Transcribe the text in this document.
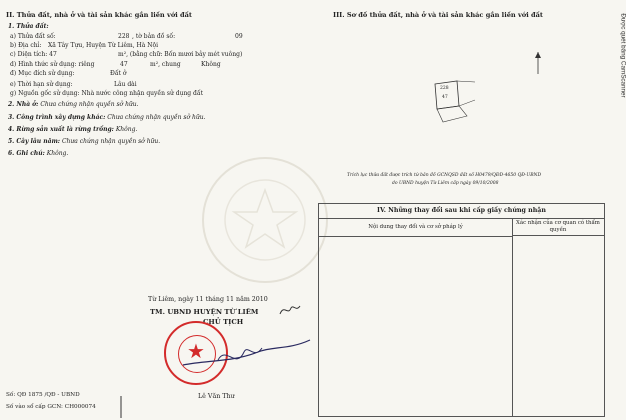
II. Thửa đất, nhà ở và tài sản khác gắn liền với đất
1. Thửa đất:
a) Thửa đất số:	228 , tờ bản đồ số:	09
b) Địa chỉ: Xã Tây Tựu, Huyện Từ Liêm, Hà Nội
c) Diện tích: 47	m², (bằng chữ: Bốn mươi bảy mét vuông)
d) Hình thức sử dụng: riêng	47	m², chung	Không
đ) Mục đích sử dụng:	Đất ở
e) Thời hạn sử dụng:	Lâu dài
g) Nguồn gốc sử dụng: Nhà nước công nhận quyền sử dụng đất
2. Nhà ở: Chưa chứng nhận quyền sở hữu.
3. Công trình xây dựng khác: Chưa chứng nhận quyền sở hữu.
4. Rừng sản xuất là rừng trồng: Không.
5. Cây lâu năm: Chưa chứng nhận quyền sở hữu.
6. Ghi chú: Không.
Từ Liêm, ngày 11 tháng 11 năm 2010
TM. UBND HUYỆN TỪ LIÊM
CHỦ TỊCH
★
Lê Văn Thư
Số: QĐ 1875 /QĐ - UBND
Số vào sổ cấp GCN: CH000074
III. Sơ đồ thửa đất, nhà ở và tài sản khác gắn liền với đất
228
47
Trích lục thửa đất được trích từ bản đồ GCNQSD đất số H0479/QĐD-4650 QĐ-UBND
do UBND huyện Từ Liêm cấp ngày 09/10/2008
IV. Những thay đổi sau khi cấp giấy chứng nhận
Nội dung thay đổi và cơ sở pháp lý
Xác nhận của cơ quan có thẩm quyền
Được quét bằng CamScanner
